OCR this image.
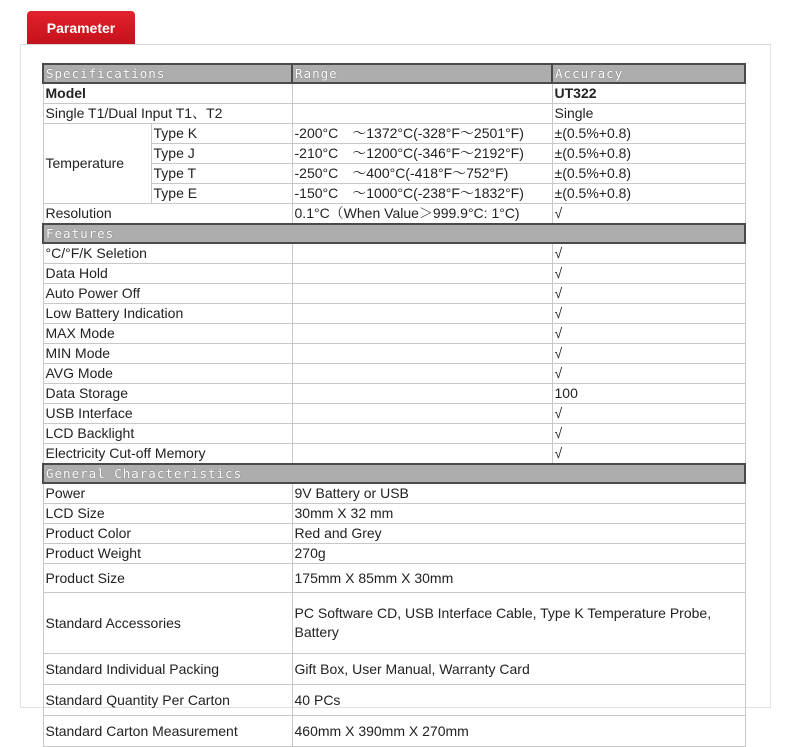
Parameter
Specifications		Range	Accuracy
Model			UT322
Single T1/Dual Input T1、T2			Single
Temperature	Type K	-200°C　～1372°C(-328°F～2501°F)	±(0.5%+0.8)
	Type J	-210°C　～1200°C(-346°F～2192°F)	±(0.5%+0.8)
	Type T	-250°C　～400°C(-418°F～752°F)	±(0.5%+0.8)
	Type E	-150°C　～1000°C(-238°F～1832°F)	±(0.5%+0.8)
Resolution		0.1°C（When Value＞999.9°C: 1°C)	√
Features			
°C/°F/K Seletion			√
Data Hold			√
Auto Power Off			√
Low Battery Indication			√
MAX Mode			√
MIN Mode			√
AVG Mode			√
Data Storage			100
USB Interface			√
LCD Backlight			√
Electricity Cut-off Memory			√
General Characteristics			
Power		9V Battery or USB	
LCD Size		30mm X 32 mm	
Product Color		Red and Grey	
Product Weight		270g	
Product Size		175mm X 85mm X 30mm	
Standard Accessories		PC Software CD, USB Interface Cable, Type K Temperature Probe, Battery	
Standard Individual Packing		Gift Box, User Manual, Warranty Card	
Standard Quantity Per Carton		40 PCs	
Standard Carton Measurement		460mm X 390mm X 270mm	
